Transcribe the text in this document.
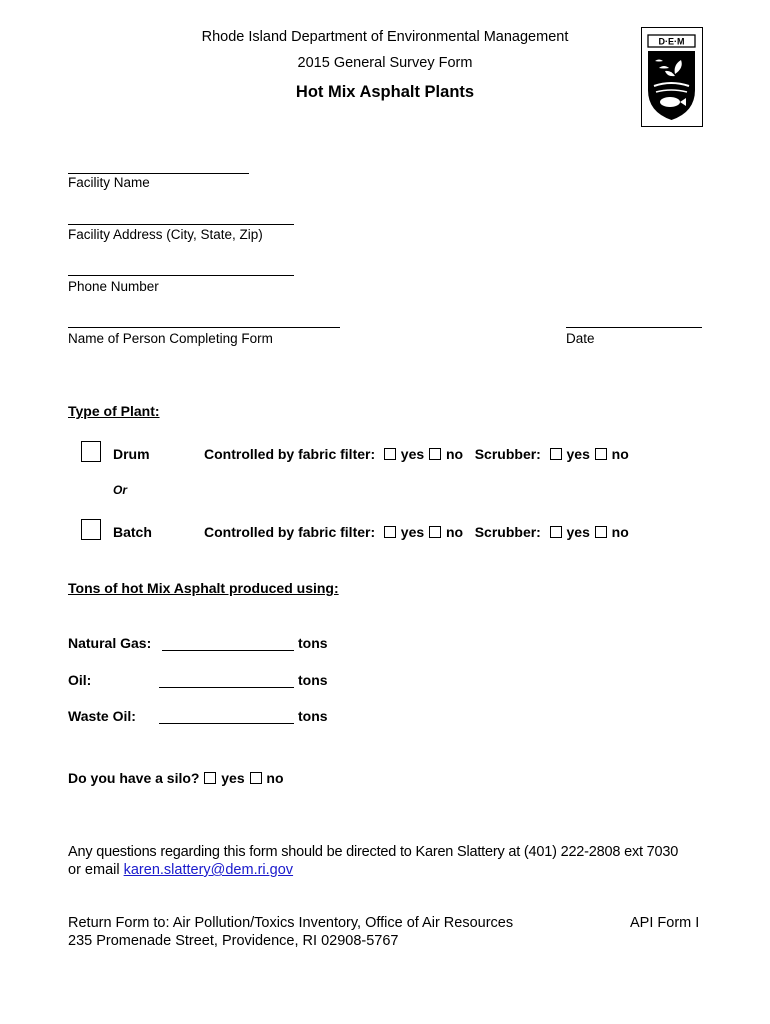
Rhode Island Department of Environmental Management
2015 General Survey Form
Hot Mix Asphalt Plants
D·E·M
Facility Name
Facility Address (City, State, Zip)
Phone Number
Name of Person Completing Form	Date
Type of Plant:
Drum	Controlled by fabric filter: yes no Scrubber: yes no
Or
Batch	Controlled by fabric filter: yes no Scrubber: yes no
Tons of hot Mix Asphalt produced using:
Natural Gas:	tons
Oil:	tons
Waste Oil:	tons
Do you have a silo? yes no
Any questions regarding this form should be directed to Karen Slattery at (401) 222-2808 ext 7030
or email karen.slattery@dem.ri.gov
Return Form to: Air Pollution/Toxics Inventory, Office of Air Resources
235 Promenade Street, Providence, RI 02908-5767
API Form I
